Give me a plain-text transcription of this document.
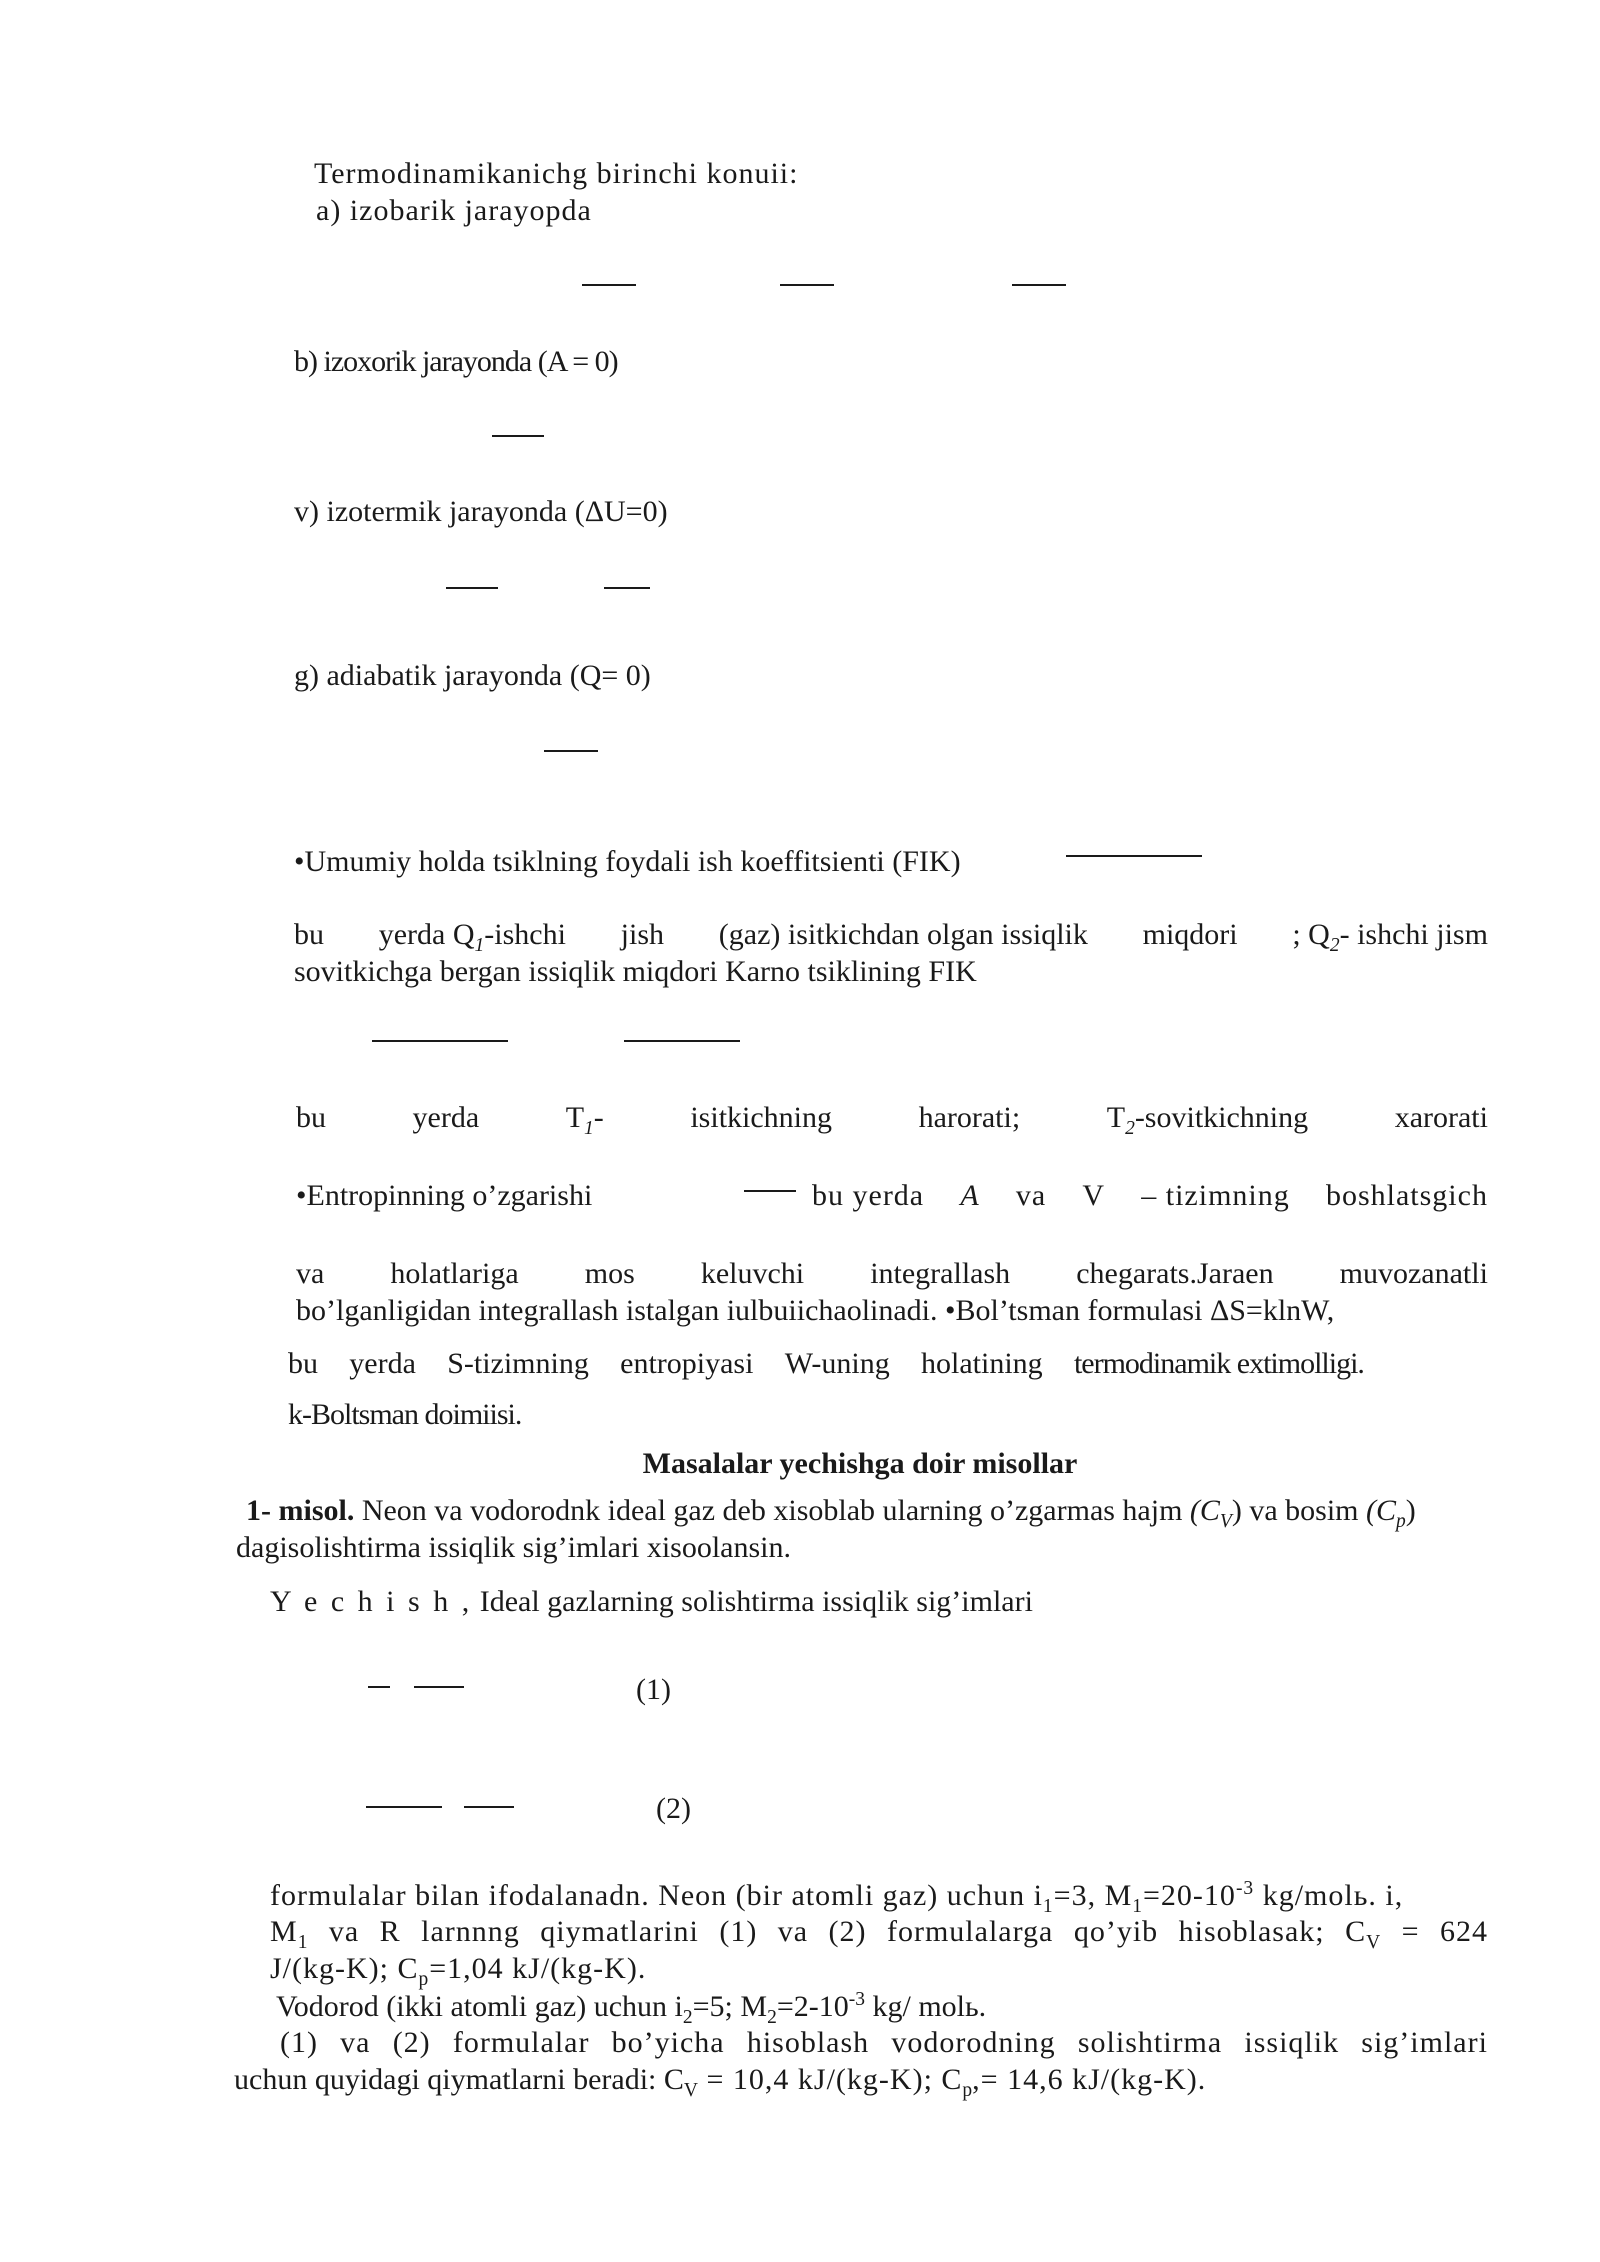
Termodinamikanichg birinchi konuii:
a) izobarik jarayopda
b) izoxorik jarayonda (A = 0)
v) izotermik jarayonda (ΔU=0)
g) adiabatik jarayonda (Q= 0)
•Umumiy holda tsiklning foydali ish koeffitsienti (FIK)
bu yerda $Q_1$-ishchi jish (gaz) isitkichdan olgan issiqlik miqdori ; $Q_2-$ ishchi jism
sovitkichga bergan issiqlik miqdori Karno tsiklining FIK
bu	yerda	$T_1-$	isitkichning	harorati;	$T_2$-sovitkichning	xarorati
•Entropinning o’zgarishi	bu yerda A va V – tizimning boshlatsgich
va holatlariga mos keluvchi integrallash chegarats.Jaraen muvozanatli
bo’lganligidan integrallash istalgan iulbuiichaolinadi. •Bol’tsman formulasi ΔS=klnW,
bu yerda S-tizimning entropiyasi W-uning holatining termodinamik extimolligi.
k-Boltsman doimiisi.
Masalalar yechishga doir misollar
1- misol. Neon va vodorodnk ideal gaz deb xisoblab ularning o’zgarmas hajm $(C_V)$ va bosim $(C_p)$
dagisolishtirma issiqlik sig’imlari xisoolansin.
Y e c h i s h , Ideal gazlarning solishtirma issiqlik sig’imlari
(1)
(2)
formulalar bilan ifodalanadn. Neon (bir atomli gaz) uchun $i_1=3$, $M_1=20-10^{-3}$ kg/molь. i,
$M_1$ va R larnnng qiymatlarini (1) va (2) formulalarga qo’yib hisoblasak; $C_V = 624$
J/(kg-K); $C_p=1,04$ kJ/(kg-K).
Vodorod (ikki atomli gaz) uchun $i_2=5$; $M_2=2-10^{-3}$ kg/ molь.
(1) va (2) formulalar bo’yicha hisoblash vodorodning solishtirma issiqlik sig’imlari
uchun quyidagi qiymatlarni beradi: $C_V = 10,4$ kJ/(kg-K); $C_p,= 14,6$ kJ/(kg-K).
